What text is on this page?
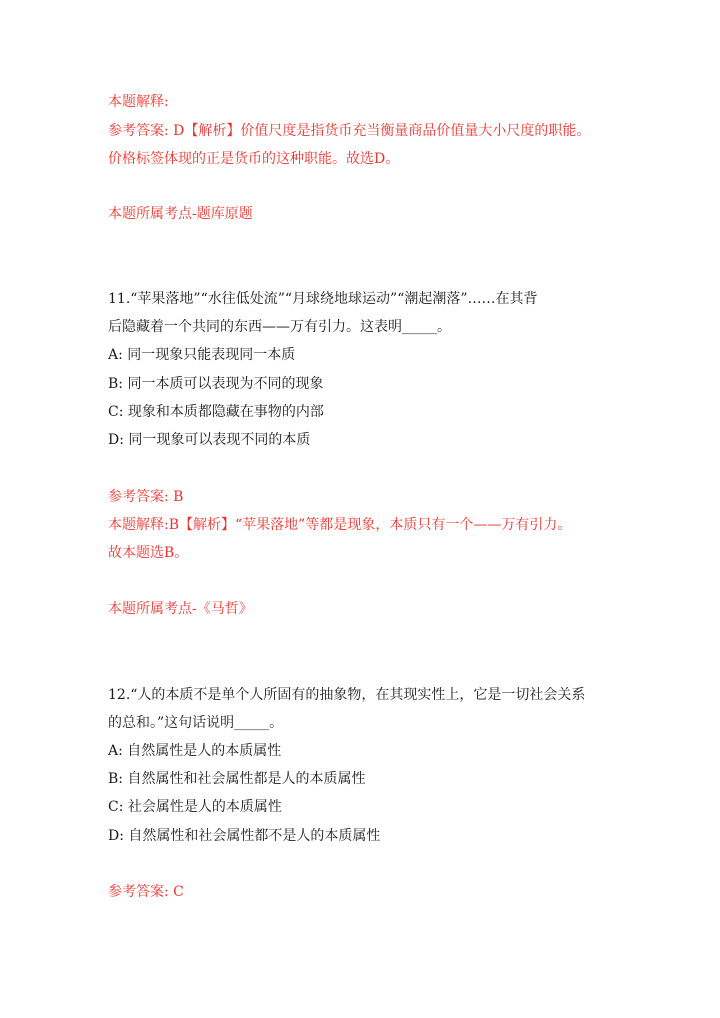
本题解释:
参考答案: D【解析】价值尺度是指货币充当衡量商品价值量大小尺度的职能。
价格标签体现的正是货币的这种职能。故选D。
本题所属考点-题库原题
11.“苹果落地”“水往低处流”“月球绕地球运动”“潮起潮落”……在其背
后隐藏着一个共同的东西——万有引力。这表明_____。
A: 同一现象只能表现同一本质
B: 同一本质可以表现为不同的现象
C: 现象和本质都隐藏在事物的内部
D: 同一现象可以表现不同的本质
参考答案: B
本题解释:B【解析】“苹果落地”等都是现象，本质只有一个——万有引力。
故本题选B。
本题所属考点-《马哲》
12.“人的本质不是单个人所固有的抽象物，在其现实性上，它是一切社会关系
的总和。”这句话说明_____。
A: 自然属性是人的本质属性
B: 自然属性和社会属性都是人的本质属性
C: 社会属性是人的本质属性
D: 自然属性和社会属性都不是人的本质属性
参考答案: C
